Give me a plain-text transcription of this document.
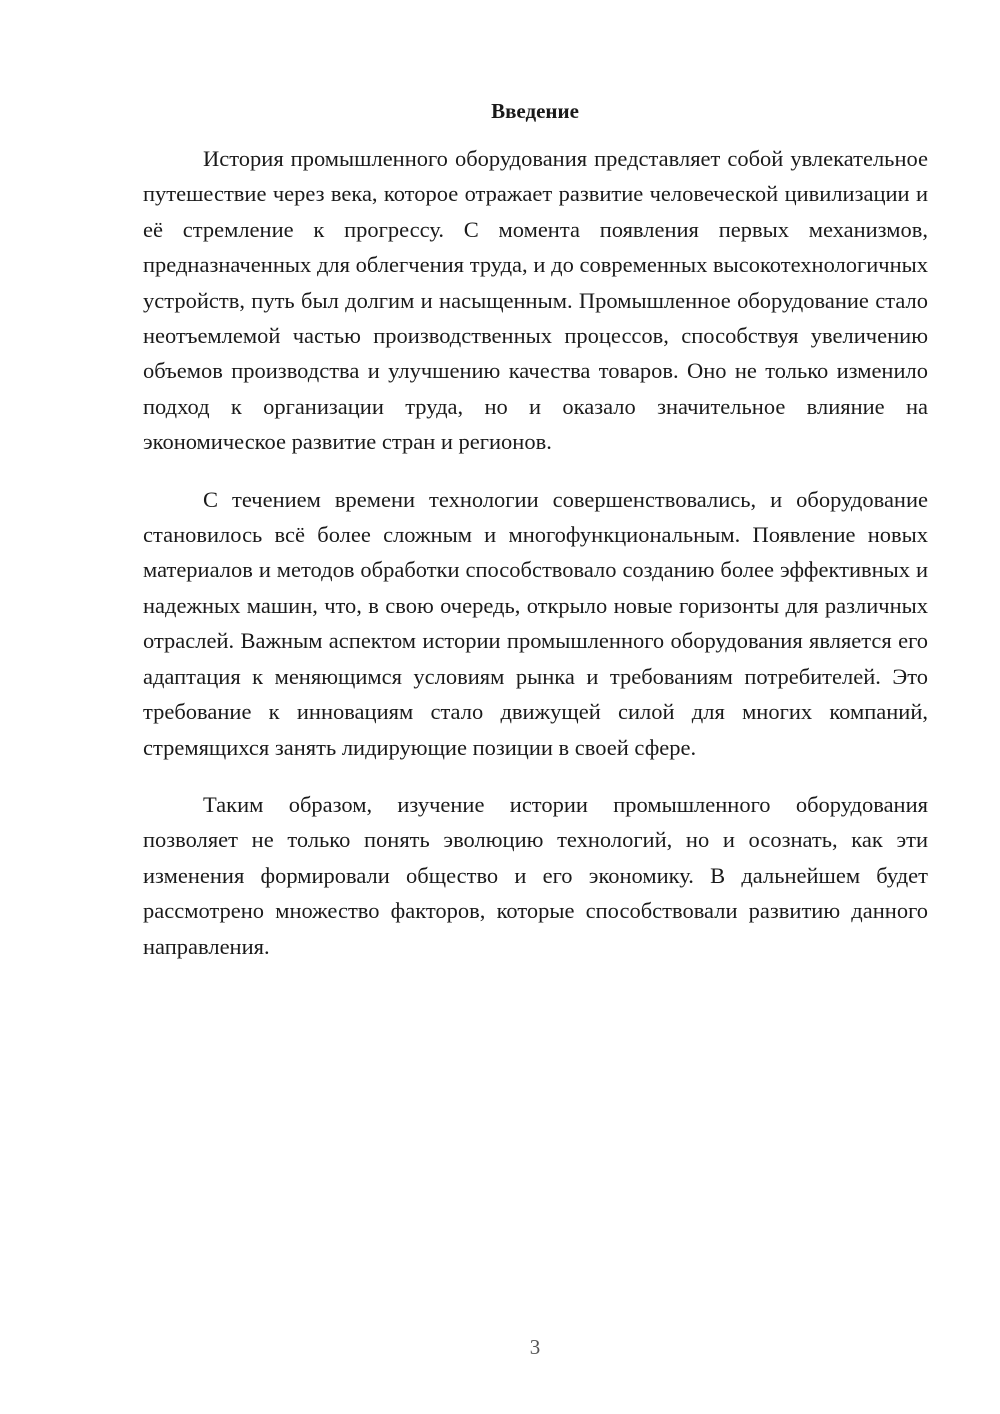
Введение

История промышленного оборудования представляет собой увлекательное путешествие через века, которое отражает развитие человеческой цивилизации и её стремление к прогрессу. С момента появления первых механизмов, предназначенных для облегчения труда, и до современных высокотехнологичных устройств, путь был долгим и насыщенным. Промышленное оборудование стало неотъемлемой частью производственных процессов, способствуя увеличению объемов производства и улучшению качества товаров. Оно не только изменило подход к организации труда, но и оказало значительное влияние на экономическое развитие стран и регионов.

С течением времени технологии совершенствовались, и оборудование становилось всё более сложным и многофункциональным. Появление новых материалов и методов обработки способствовало созданию более эффективных и надежных машин, что, в свою очередь, открыло новые горизонты для различных отраслей. Важным аспектом истории промышленного оборудования является его адаптация к меняющимся условиям рынка и требованиям потребителей. Это требование к инновациям стало движущей силой для многих компаний, стремящихся занять лидирующие позиции в своей сфере.

Таким образом, изучение истории промышленного оборудования позволяет не только понять эволюцию технологий, но и осознать, как эти изменения формировали общество и его экономику. В дальнейшем будет рассмотрено множество факторов, которые способствовали развитию данного направления.

3
